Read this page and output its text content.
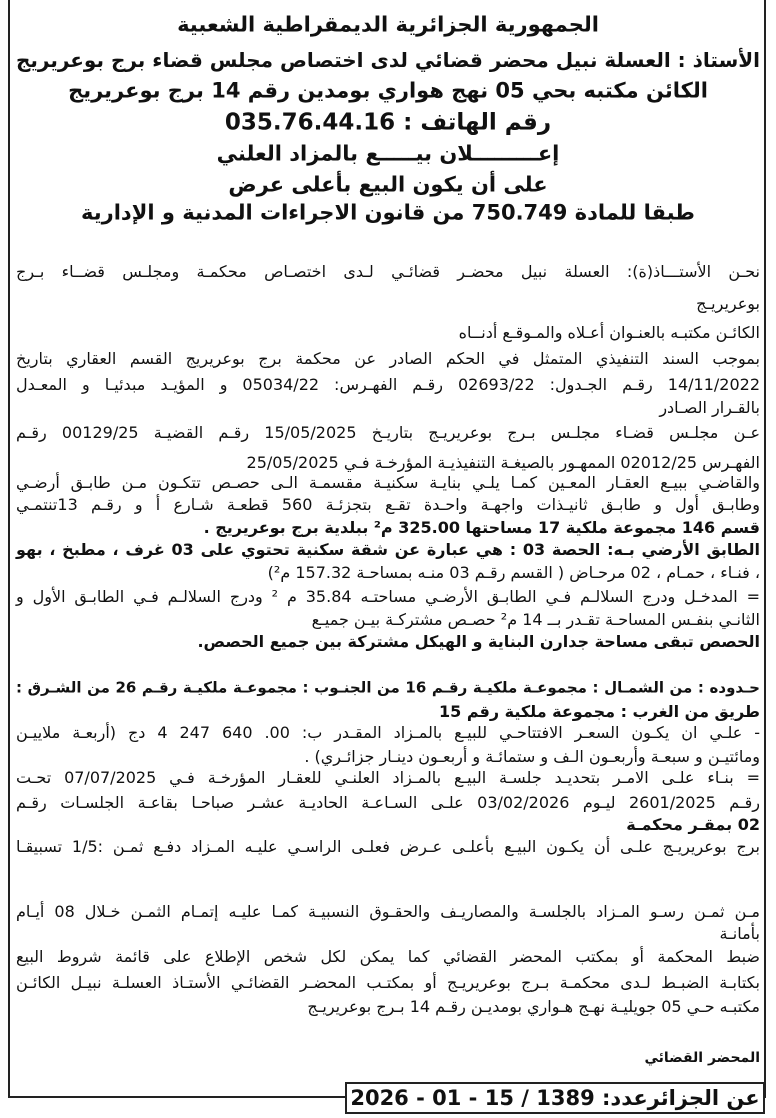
الجمهورية الجزائرية الديمقراطية الشعبية
الأستاذ : العسلة نبيل محضر قضائي لدى اختصاص مجلس قضاء برج بوعريريج
الكائن مكتبه بحي 05 نهج هواري بومدين رقم 14 برج بوعريريج
رقم الهاتف : 035.76.44.16
إعـــــــــلان بيـــــع بالمزاد العلني
على أن يكون البيع بأعلى عرض
طبقا للمادة 750.749 من قانون الاجراءات المدنية و الإدارية
نحـن الأستـــاذ(ة): العسلة نبيل محضـر قضائـي لـدى اختصـاص محكمـة ومجلـس قضــاء بـرج
بوعريريـج
الكائـن مكتبـه بالعنـوان أعـلاه والمـوقـع أدنــاه
بموجب السند التنفيذي المتمثل في الحكم الصادر عن محكمة برج بوعريريج القسم العقاري بتاريخ
14/11/2022 رقـم الجـدول: 02693/22 رقـم الفهـرس: 05034/22 و المؤيـد مبدئيـا و المعـدل
بالقـرار الصـادر
عـن مجلـس قضـاء مجلـس بـرج بوعريريـج بتاريـخ 15/05/2025 رقـم القضيـة 00129/25 رقـم
الفهـرس 02012/25 الممهـور بالصيغـة التنفيذيـة المؤرخـة فـي 25/05/2025
والقاضـي ببيـع العقـار المعـين كمـا يلـي بنايـة سكنيـة مقسمـة الـى حصـص تتكـون مـن طابـق أرضـي
وطابـق أول و طابـق ثانيـذات واجهـة واحـدة تقـع بتجزئـة 560 قطعـة شـارع أ و رقـم 13تنتمـي
قسم 146 مجموعة ملكية 17 مساحتها 325.00 م² ببلدية برج بوعريريج .
الطابق الأرضي بـه: الحصة 03 : هي عبارة عن شقة سكنية تحتوي على 03 غرف ، مطبخ ، بهو
، فنـاء ، حمـام ، 02 مرحـاض ( القسم رقـم 03 منـه بمساحـة 157.32 م²)
= المدخـل ودرج السلالـم فـي الطابـق الأرضـي مساحتـه 35.84 م ² ودرج السلالـم فـي الطابـق الأول و
الثانـي بنفـس المساحـة تقـدر بــ 14 م² حصـص مشتركـة بيـن جميـع
الحصص تبقى مساحة جدارن البناية و الهيكل مشتركة بين جميع الحصص.
حـدوده : من الشمـال : مجموعـة ملكيـة رقـم 16 من الجنـوب : مجموعـة ملكيـة رقـم 26 من الشـرق :
طريق من الغرب : مجموعة ملكية رقم 15
- علـي ان يكـون السعـر الافتتاحـي للبيـع بالمـزاد المقـدر ب: 00. 640 247 4 دج (أربعـة ملاييـن
ومائتيـن و سبعـة وأربعـون الـف و ستمائـة و أربعـون دينـار جزائـري) .
= بنـاء علـى الامـر بتحديـد جلسـة البيـع بالمـزاد العلنـي للعقـار المؤرخـة فـي 07/07/2025 تحـت
رقـم 2601/2025 ليـوم 03/02/2026 علـى السـاعـة الحاديـة عشـر صباحـا بقاعـة الجلسـات رقـم
02 بمقـر محكمـة
برج بوعريريـج علـى أن يكـون البيـع بأعلـى عـرض فعلـى الراسـي عليـه المـزاد دفـع ثمـن :1/5 تسبيقـا
مـن ثمـن رسـو المـزاد بالجلسـة والمصاريـف والحقـوق النسبيـة كمـا عليـه إتمـام الثمـن خـلال 08 أيـام
بأمانـة
ضبط المحكمة أو بمكتب المحضر القضائي كما يمكن لكل شخص الإطلاع على قائمة شروط البيع
بكتابـة الضبـط لـدى محكمـة بـرج بوعريريـج أو بمكتـب المحضـر القضائـي الأستـاذ العسلـة نبيـل الكائـن
مكتبـه حـي 05 جويليـة نهـج هـواري بومديـن رقـم 14 بـرج بوعريريـج
المحضر القضائي
عن الجزائرعدد: 1389 / 15 - 01 - 2026
